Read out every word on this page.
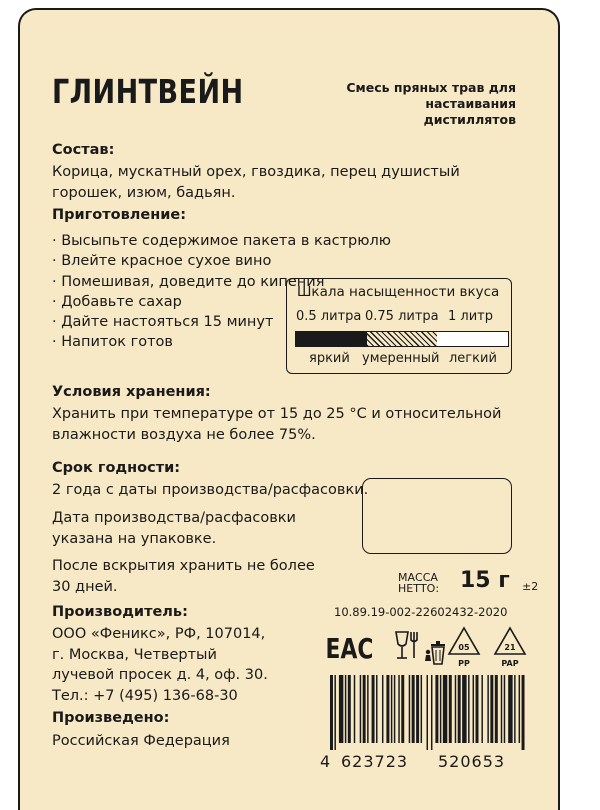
ГЛИНТВЕЙН	Смесь пряных трав для
настаивания дистиллятов
Состав:
Корица, мускатный орех, гвоздика, перец душистый
горошек, изюм, бадьян.
Приготовление:
· Высыпьте содержимое пакета в кастрюлю
· Влейте красное сухое вино
· Помешивая, доведите до кипения
· Добавьте сахар
· Дайте настояться 15 минут
· Напиток готов
Шкала насыщенности вкуса
0.5 литра 0.75 литра 1 литр
яркий умеренный легкий
Условия хранения:
Хранить при температуре от 15 до 25 °С и относительной
влажности воздуха не более 75%.
Срок годности:
2 года с даты производства/расфасовки.
Дата производства/расфасовки
указана на упаковке.
После вскрытия хранить не более
30 дней.
МАССА
НЕТТО: 15 г ±2
10.89.19-002-22602432-2020
ЕАС	05
PP
21
PAP
Производитель:
ООО «Феникс», РФ, 107014,
г. Москва, Четвертый
лучевой просек д. 4, оф. 30.
Тел.: +7 (495) 136-68-30
Произведено:
Российская Федерация
4 623723 520653
